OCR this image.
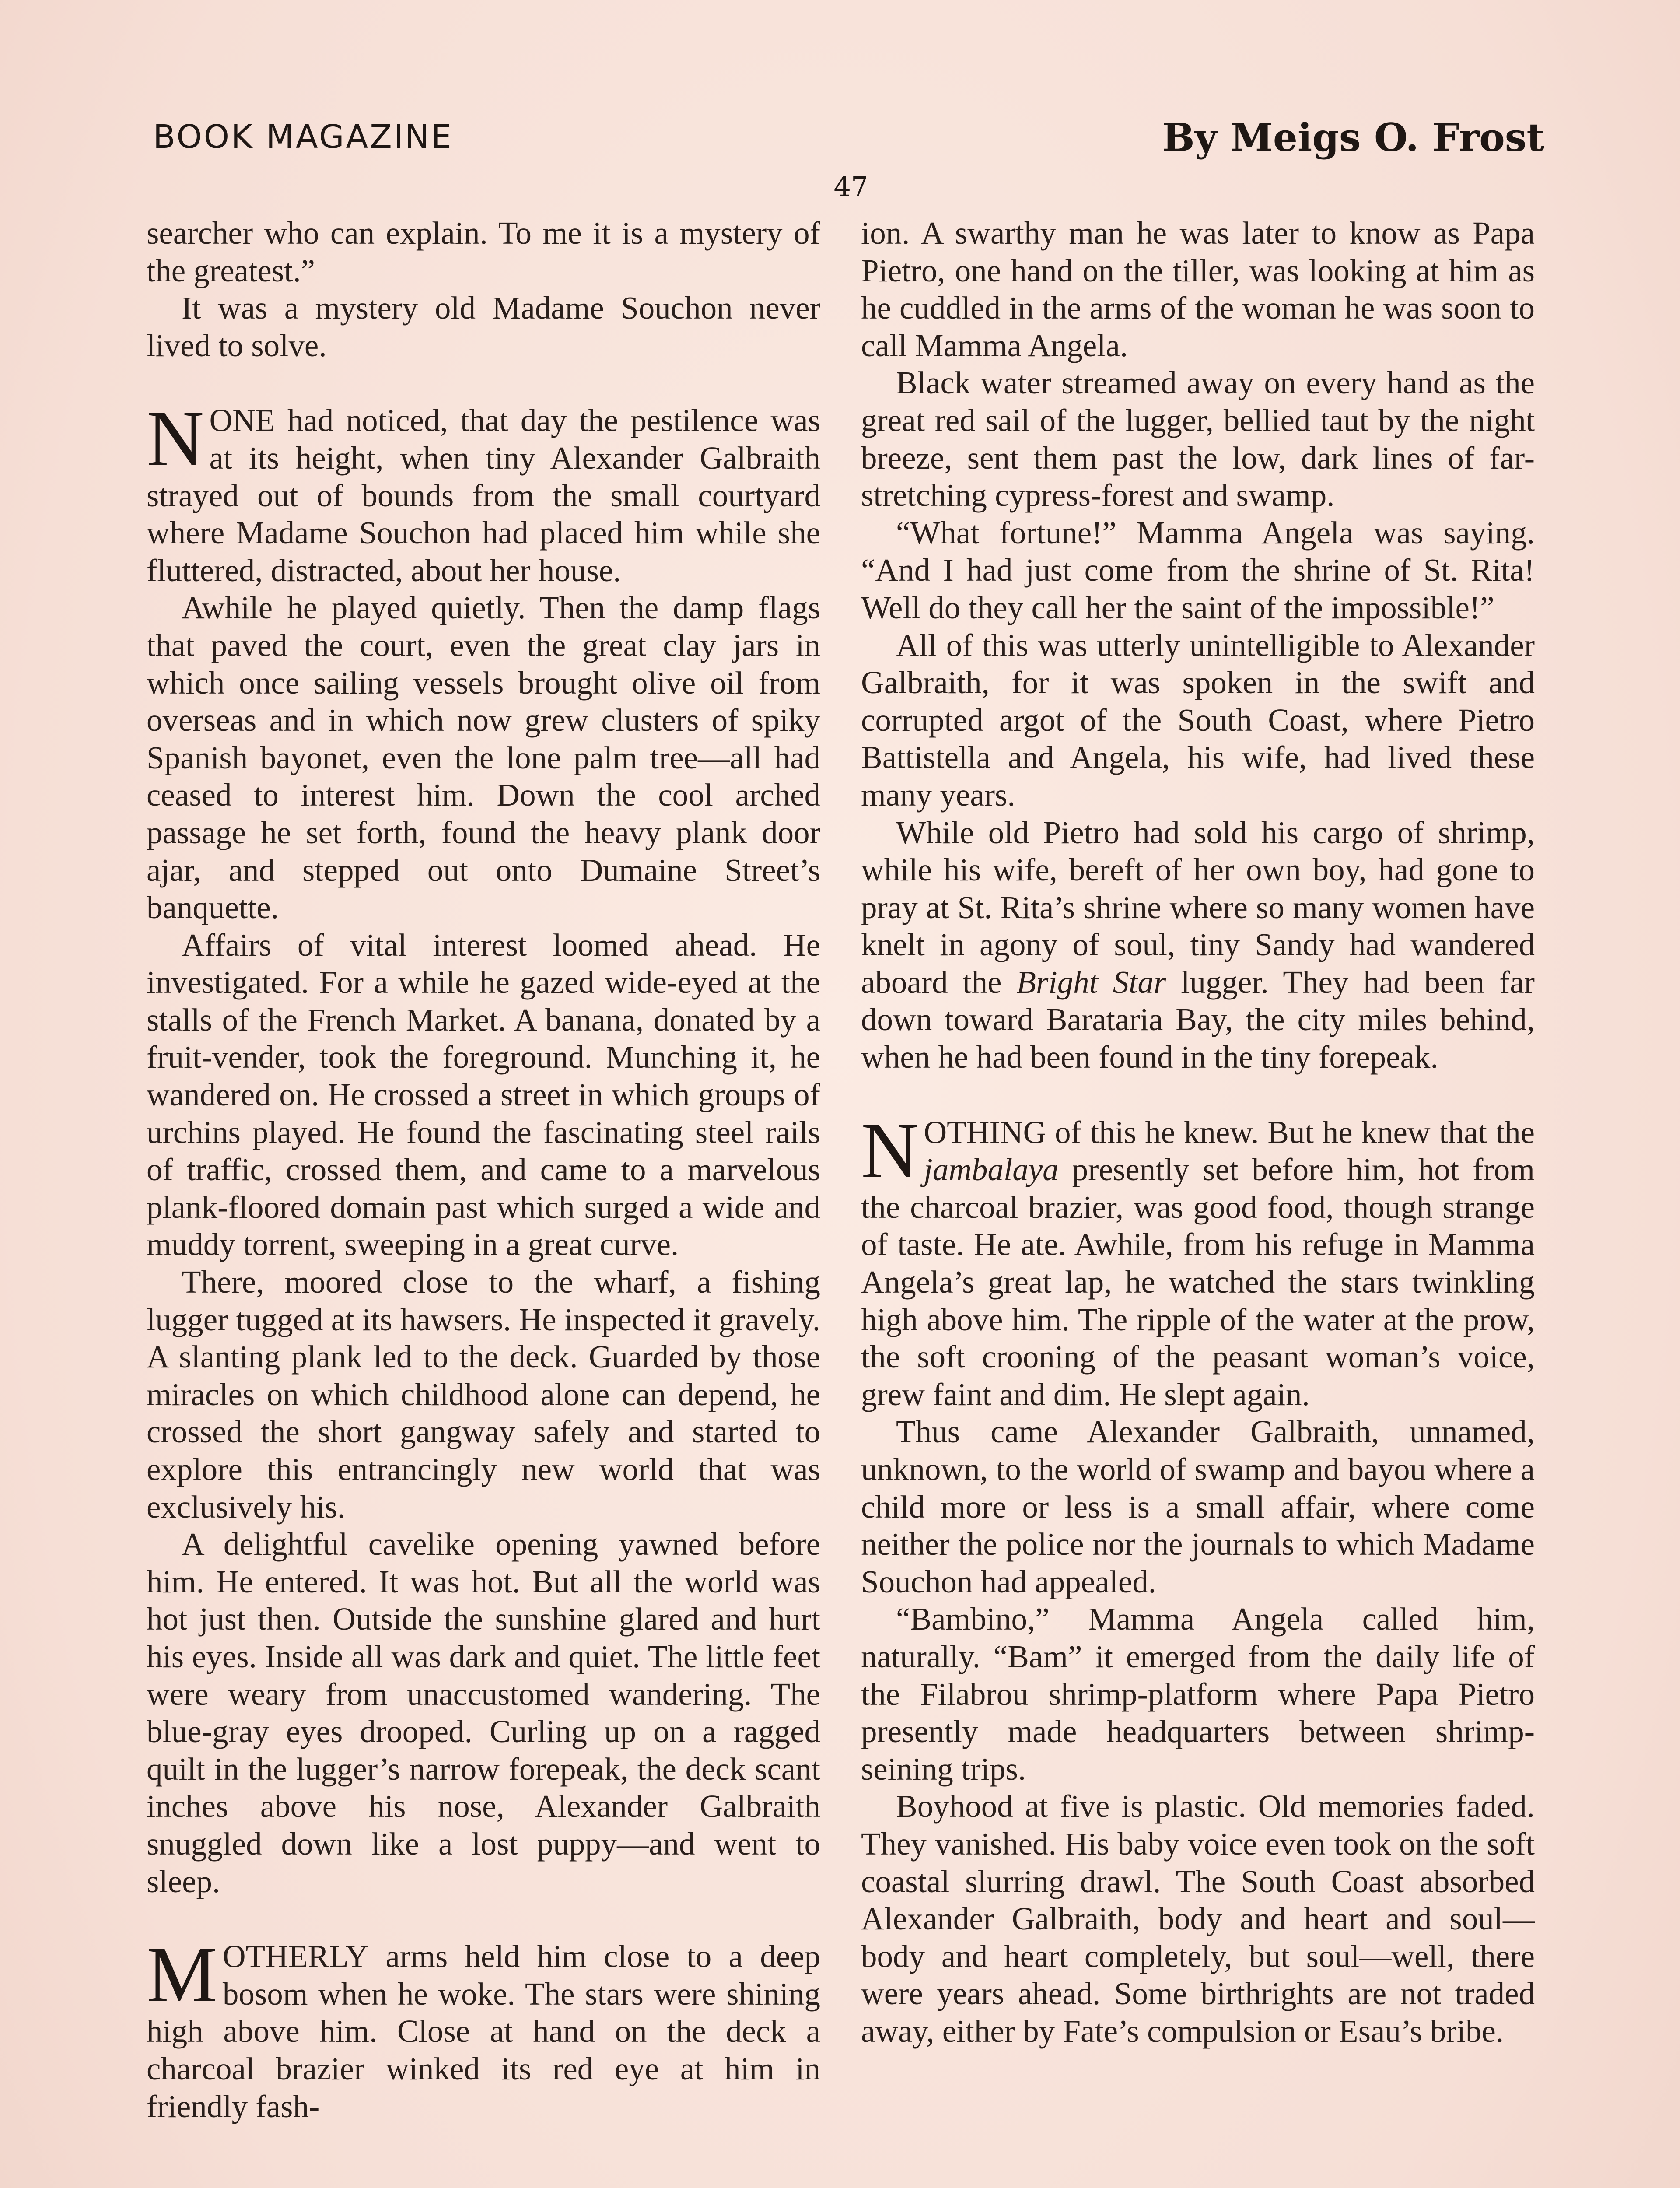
BOOK MAGAZINE	By Meigs O. Frost
47

searcher who can explain. To me it is a mystery of the greatest.”

It was a mystery old Madame Souchon never lived to solve.

NONE had noticed, that day the pestilence was at its height, when tiny Alexander Galbraith strayed out of bounds from the small courtyard where Madame Souchon had placed him while she fluttered, distracted, about her house.

Awhile he played quietly. Then the damp flags that paved the court, even the great clay jars in which once sailing vessels brought olive oil from overseas and in which now grew clusters of spiky Spanish bayonet, even the lone palm tree—all had ceased to interest him. Down the cool arched passage he set forth, found the heavy plank door ajar, and stepped out onto Dumaine Street’s banquette.

Affairs of vital interest loomed ahead. He investigated. For a while he gazed wide-eyed at the stalls of the French Market. A banana, donated by a fruit-vender, took the foreground. Munching it, he wandered on. He crossed a street in which groups of urchins played. He found the fascinating steel rails of traffic, crossed them, and came to a marvelous plank-floored domain past which surged a wide and muddy torrent, sweeping in a great curve.

There, moored close to the wharf, a fishing lugger tugged at its hawsers. He inspected it gravely. A slanting plank led to the deck. Guarded by those miracles on which childhood alone can depend, he crossed the short gangway safely and started to explore this entrancingly new world that was exclusively his.

A delightful cavelike opening yawned before him. He entered. It was hot. But all the world was hot just then. Outside the sunshine glared and hurt his eyes. Inside all was dark and quiet. The little feet were weary from unaccustomed wandering. The blue-gray eyes drooped. Curling up on a ragged quilt in the lugger’s narrow forepeak, the deck scant inches above his nose, Alexander Galbraith snuggled down like a lost puppy—and went to sleep.

MOTHERLY arms held him close to a deep bosom when he woke. The stars were shining high above him. Close at hand on the deck a charcoal brazier winked its red eye at him in friendly fash-

ion. A swarthy man he was later to know as Papa Pietro, one hand on the tiller, was looking at him as he cuddled in the arms of the woman he was soon to call Mamma Angela.

Black water streamed away on every hand as the great red sail of the lugger, bellied taut by the night breeze, sent them past the low, dark lines of far-stretching cypress-forest and swamp.

“What fortune!” Mamma Angela was saying. “And I had just come from the shrine of St. Rita! Well do they call her the saint of the impossible!”

All of this was utterly unintelligible to Alexander Galbraith, for it was spoken in the swift and corrupted argot of the South Coast, where Pietro Battistella and Angela, his wife, had lived these many years.

While old Pietro had sold his cargo of shrimp, while his wife, bereft of her own boy, had gone to pray at St. Rita’s shrine where so many women have knelt in agony of soul, tiny Sandy had wandered aboard the Bright Star lugger. They had been far down toward Barataria Bay, the city miles behind, when he had been found in the tiny forepeak.

NOTHING of this he knew. But he knew that the jambalaya presently set before him, hot from the charcoal brazier, was good food, though strange of taste. He ate. Awhile, from his refuge in Mamma Angela’s great lap, he watched the stars twinkling high above him. The ripple of the water at the prow, the soft crooning of the peasant woman’s voice, grew faint and dim. He slept again.

Thus came Alexander Galbraith, unnamed, unknown, to the world of swamp and bayou where a child more or less is a small affair, where come neither the police nor the journals to which Madame Souchon had appealed.

“Bambino,” Mamma Angela called him, naturally. “Bam” it emerged from the daily life of the Filabrou shrimp-platform where Papa Pietro presently made headquarters between shrimp-seining trips.

Boyhood at five is plastic. Old memories faded. They vanished. His baby voice even took on the soft coastal slurring drawl. The South Coast absorbed Alexander Galbraith, body and heart and soul—body and heart completely, but soul—well, there were years ahead. Some birthrights are not traded away, either by Fate’s compulsion or Esau’s bribe.
